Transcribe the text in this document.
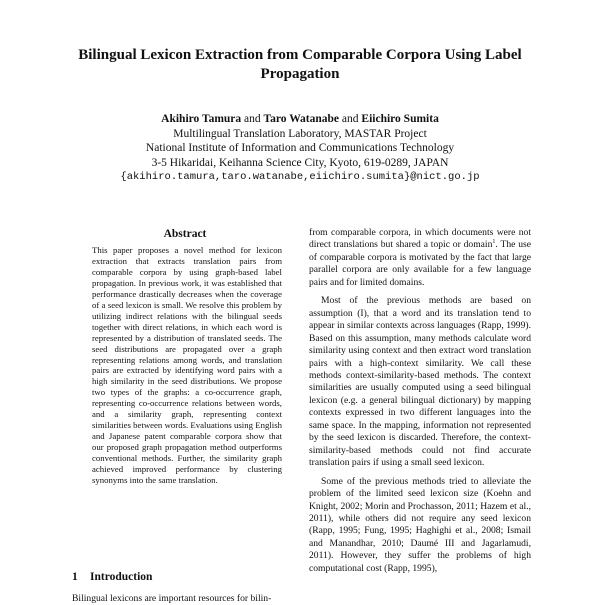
Bilingual Lexicon Extraction from Comparable Corpora Using Label Propagation
Akihiro Tamura and Taro Watanabe and Eiichiro Sumita
Multilingual Translation Laboratory, MASTAR Project
National Institute of Information and Communications Technology
3-5 Hikaridai, Keihanna Science City, Kyoto, 619-0289, JAPAN
{akihiro.tamura,taro.watanabe,eiichiro.sumita}@nict.go.jp
Abstract
This paper proposes a novel method for lexicon extraction that extracts translation pairs from comparable corpora by using graph-based label propagation. In previous work, it was established that performance drastically decreases when the coverage of a seed lexicon is small. We resolve this problem by utilizing indirect relations with the bilingual seeds together with direct relations, in which each word is represented by a distribution of translated seeds. The seed distributions are propagated over a graph representing relations among words, and translation pairs are extracted by identifying word pairs with a high similarity in the seed distributions. We propose two types of the graphs: a co-occurrence graph, representing co-occurrence relations between words, and a similarity graph, representing context similarities between words. Evaluations using English and Japanese patent comparable corpora show that our proposed graph propagation method outperforms conventional methods. Further, the similarity graph achieved improved performance by clustering synonyms into the same translation.
1 Introduction
Bilingual lexicons are important resources for bilin-

from comparable corpora, in which documents were not direct translations but shared a topic or domain$^1$. The use of comparable corpora is motivated by the fact that large parallel corpora are only available for a few language pairs and for limited domains.

Most of the previous methods are based on assumption (I), that a word and its translation tend to appear in similar contexts across languages (Rapp, 1999). Based on this assumption, many methods calculate word similarity using context and then extract word translation pairs with a high-context similarity. We call these methods context-similarity-based methods. The context similarities are usually computed using a seed bilingual lexicon (e.g. a general bilingual dictionary) by mapping contexts expressed in two different languages into the same space. In the mapping, information not represented by the seed lexicon is discarded. Therefore, the context-similarity-based methods could not find accurate translation pairs if using a small seed lexicon.

Some of the previous methods tried to alleviate the problem of the limited seed lexicon size (Koehn and Knight, 2002; Morin and Prochasson, 2011; Hazem et al., 2011), while others did not require any seed lexicon (Rapp, 1995; Fung, 1995; Haghighi et al., 2008; Ismail and Manandhar, 2010; Daumé III and Jagarlamudi, 2011). However, they suffer the problems of high computational cost (Rapp, 1995),
